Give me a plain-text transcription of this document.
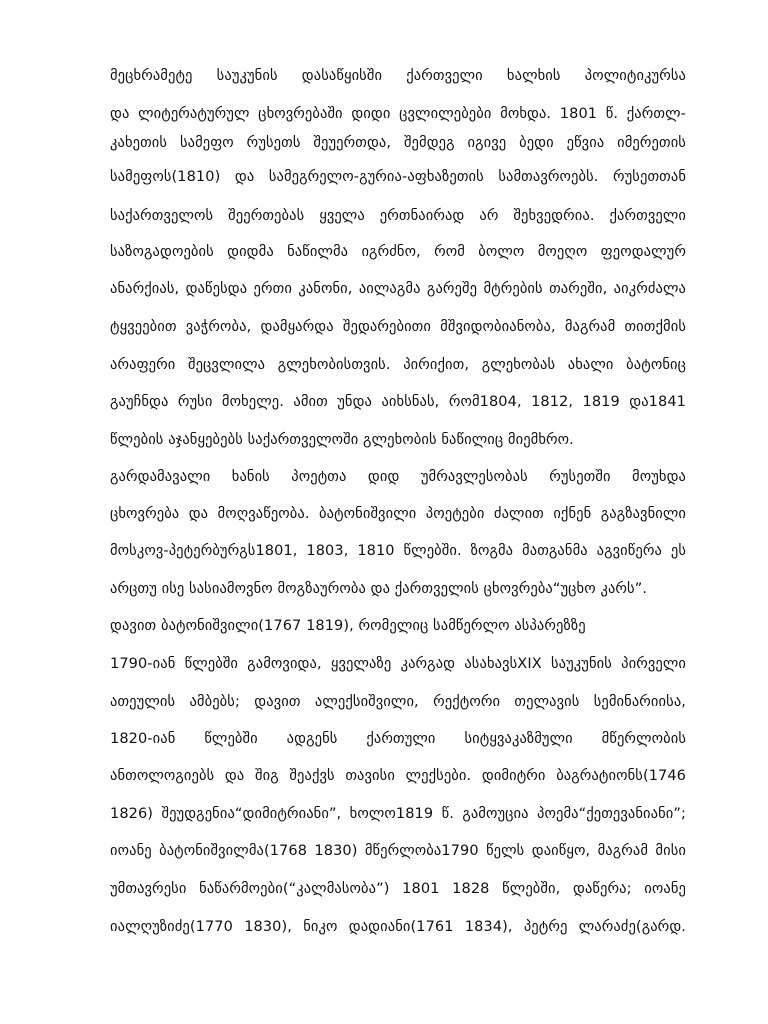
მეცხრამეტე საუკუნის დასაწყისში ქართველი ხალხის პოლიტიკურსა
და ლიტერატურულ ცხოვრებაში დიდი ცვლილებები მოხდა. 1801 წ. ქართლ-
კახეთის სამეფო რუსეთს შეუერთდა, შემდეგ იგივე ბედი ეწვია იმერეთის
სამეფოს(1810) და სამეგრელო-გურია-აფხაზეთის სამთავროებს. რუსეთთან
საქართველოს შეერთებას ყველა ერთნაირად არ შეხვედრია. ქართველი
საზოგადოების დიდმა ნაწილმა იგრძნო, რომ ბოლო მოეღო ფეოდალურ
ანარქიას, დაწესდა ერთი კანონი, აილაგმა გარეშე მტრების თარეში, აიკრძალა
ტყვეებით ვაჭრობა, დამყარდა შედარებითი მშვიდობიანობა, მაგრამ თითქმის
არაფერი შეცვლილა გლეხობისთვის. პირიქით, გლეხობას ახალი ბატონიც
გაუჩნდა რუსი მოხელე. ამით უნდა აიხსნას, რომ1804, 1812, 1819 და1841
წლების აჯანყებებს საქართველოში გლეხობის ნაწილიც მიემხრო.
გარდამავალი ხანის პოეტთა დიდ უმრავლესობას რუსეთში მოუხდა
ცხოვრება და მოღვაწეობა. ბატონიშვილი პოეტები ძალით იქნენ გაგზავნილი
მოსკოვ-პეტერბურგს1801, 1803, 1810 წლებში. ზოგმა მათგანმა აგვიწერა ეს
არცთუ ისე სასიამოვნო მოგზაურობა და ქართველის ცხოვრება“უცხო კარს”.
დავით ბატონიშვილი(1767 1819), რომელიც სამწერლო ასპარეზზე
1790-იან წლებში გამოვიდა, ყველაზე კარგად ასახავსXIX საუკუნის პირველი
ათეულის ამბებს; დავით ალექსიშვილი, რექტორი თელავის სემინარიისა,
1820-იან წლებში ადგენს ქართული სიტყვაკაზმული მწერლობის
ანთოლოგიებს და შიგ შეაქვს თავისი ლექსები. დიმიტრი ბაგრატიონს(1746
1826) შეუდგენია“დიმიტრიანი”, ხოლო1819 წ. გამოუცია პოემა“ქეთევანიანი”;
იოანე ბატონიშვილმა(1768 1830) მწერლობა1790 წელს დაიწყო, მაგრამ მისი
უმთავრესი ნაწარმოები(“კალმასობა”) 1801 1828 წლებში, დაწერა; იოანე
იალღუზიძე(1770 1830), ნიკო დადიანი(1761 1834), პეტრე ლარაძე(გარდ.
